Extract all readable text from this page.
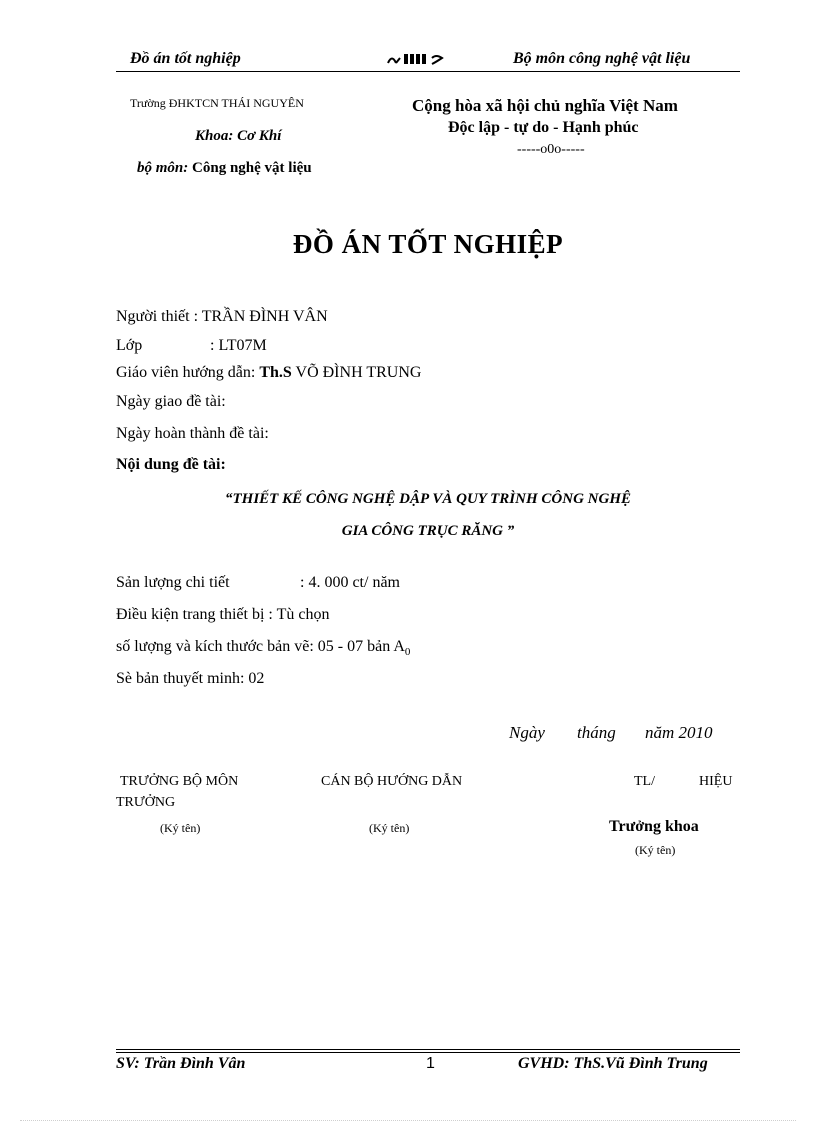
Đồ án tốt nghiệp	Bộ môn công nghệ vật liệu
Trường ĐHKTCN THÁI NGUYÊN
Khoa: Cơ Khí
bộ môn: Công nghệ vật liệu
Cộng hòa xã hội chủ nghĩa Việt Nam
Độc lập - tự do - Hạnh phúc
-----o0o-----
ĐỒ ÁN TỐT NGHIỆP
Người thiết : TRẦN ĐÌNH VÂN
Lớp	: LT07M
Giáo viên hướng dẫn: Th.S VÕ ĐÌNH TRUNG
Ngày giao đề tài:
Ngày hoàn thành đề tài:
Nội dung đề tài:
“THIẾT KẾ CÔNG NGHỆ DẬP VÀ QUY TRÌNH CÔNG NGHỆ
GIA CÔNG TRỤC RĂNG ”
Sản lượng chi tiết	: 4. 000 ct/ năm
Điều kiện trang thiết bị : Tù chọn
số lượng và kích thước bản vẽ: 05 - 07 bản $A_0$
Sè bản thuyết minh: 02
Ngày tháng năm 2010
TRƯỞNG BỘ MÔN	CÁN BỘ HƯỚNG DẪN	TL/	HIỆU
TRƯỞNG
(Ký tên)	(Ký tên)	Trưởng khoa
(Ký tên)
SV: Trần Đình Vân	1	GVHD: ThS.Vũ Đình Trung
